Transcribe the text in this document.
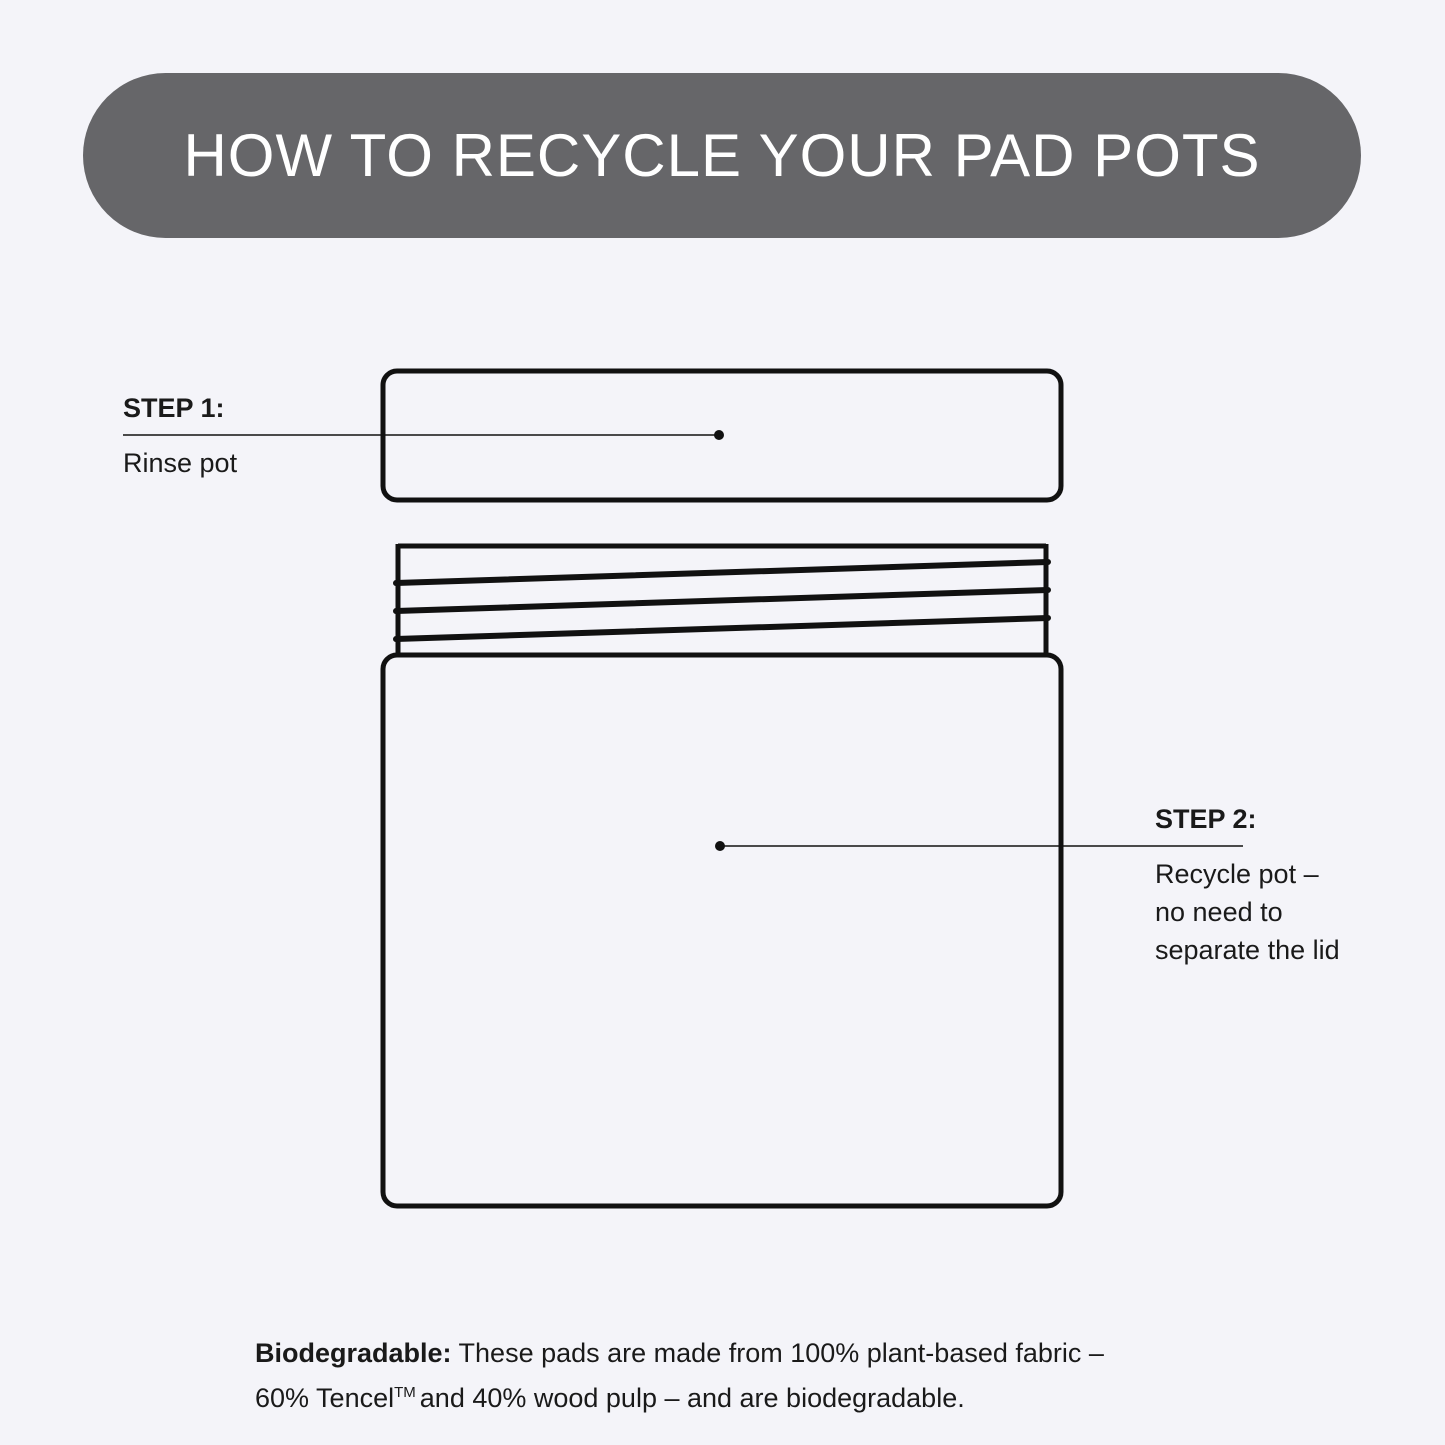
HOW TO RECYCLE YOUR PAD POTS
STEP 1:
Rinse pot
STEP 2:
Recycle pot –
no need to
separate the lid
Biodegradable: These pads are made from 100% plant-based fabric –
60% Tencel™ and 40% wood pulp – and are biodegradable.
